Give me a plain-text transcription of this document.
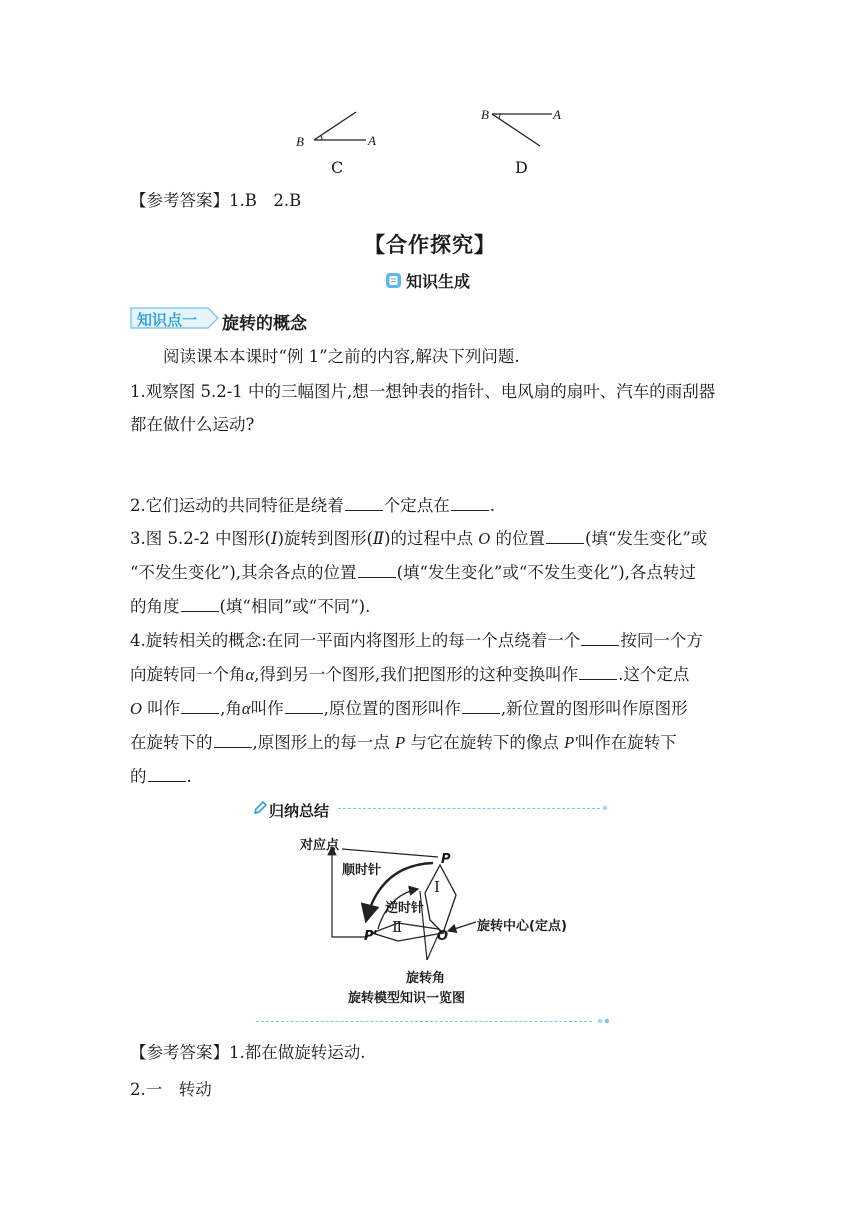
B	A
C
B	A
D
【参考答案】1.B　2.B
【合作探究】
知识生成
知识点一 旋转的概念
阅读课本本课时“例 1”之前的内容,解决下列问题.
1.观察图 5.2-1 中的三幅图片,想一想钟表的指针、电风扇的扇叶、汽车的雨刮器
都在做什么运动?
2.它们运动的共同特征是绕着 个定点在 .
3.图 5.2-2 中图形(Ⅰ)旋转到图形(Ⅱ)的过程中点 O 的位置 (填“发生变化”或
“不发生变化”),其余各点的位置 (填“发生变化”或“不发生变化”),各点转过
的角度 (填“相同”或“不同”).
4.旋转相关的概念:在同一平面内将图形上的每一个点绕着一个 按同一个方
向旋转同一个角α,得到另一个图形,我们把图形的这种变换叫作 .这个定点
O 叫作 ,角α叫作 ,原位置的图形叫作 ,新位置的图形叫作原图形
在旋转下的 ,原图形上的每一点 P 与它在旋转下的像点 P'叫作在旋转下
的 .
归纳总结
对应点
顺时针
逆时针
P
P'	O
Ⅰ
Ⅱ	旋转中心(定点)
旋转角
旋转模型知识一览图
【参考答案】1.都在做旋转运动.
2.一　转动
